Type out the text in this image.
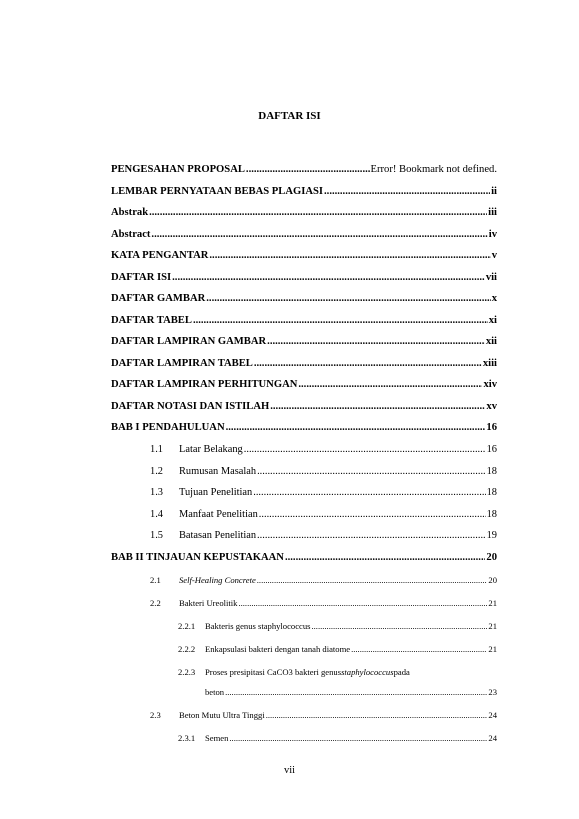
DAFTAR ISI
PENGESAHAN PROPOSAL .....	Error! Bookmark not defined.
LEMBAR PERNYATAAN BEBAS PLAGIASI .....	ii
Abstrak .....	iii
Abstract .....	iv
KATA PENGANTAR .....	v
DAFTAR ISI .....	vii
DAFTAR GAMBAR .....	x
DAFTAR TABEL .....	xi
DAFTAR LAMPIRAN GAMBAR .....	xii
DAFTAR LAMPIRAN TABEL .....	xiii
DAFTAR LAMPIRAN PERHITUNGAN .....	xiv
DAFTAR NOTASI DAN ISTILAH .....	xv
BAB I PENDAHULUAN .....	16
1.1	Latar Belakang .....	16
1.2	Rumusan Masalah .....	18
1.3	Tujuan Penelitian .....	18
1.4	Manfaat Penelitian .....	18
1.5	Batasan Penelitian .....	19
BAB II TINJAUAN KEPUSTAKAAN .....	20
2.1	Self-Healing Concrete .....	20
2.2	Bakteri Ureolitik .....	21
2.2.1	Bakteris genus staphylococcus .....	21
2.2.2	Enkapsulasi bakteri dengan tanah diatome .....	21
2.2.3	Proses presipitasi CaCO3 bakteri genus staphylococcus pada
beton .....	23
2.3	Beton Mutu Ultra Tinggi .....	24
2.3.1	Semen .....	24
vii
